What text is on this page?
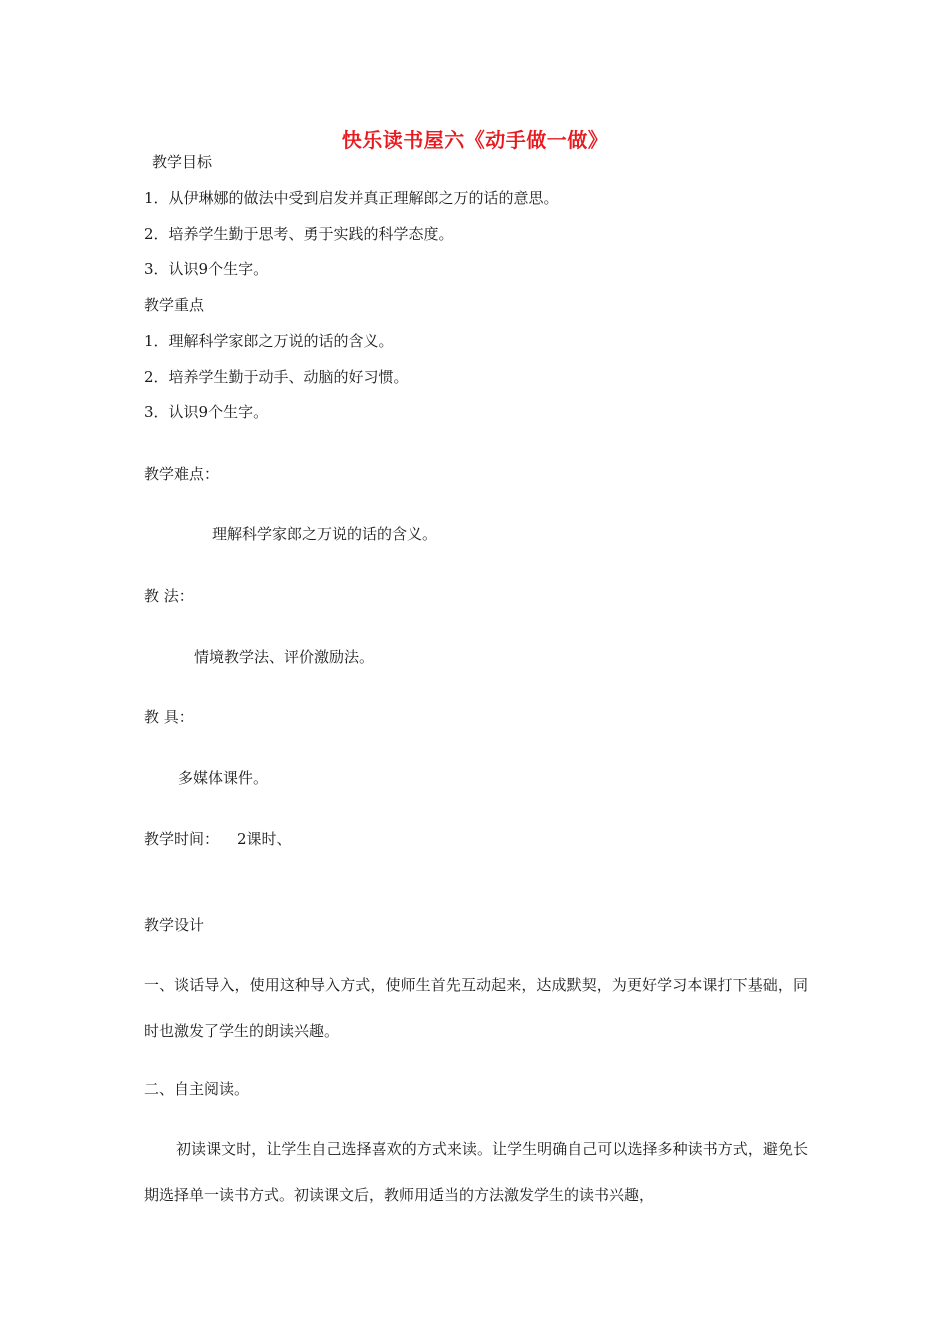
快乐读书屋六《动手做一做》
教学目标
1．从伊琳娜的做法中受到启发并真正理解郎之万的话的意思。
2．培养学生勤于思考、勇于实践的科学态度。
3．认识9个生字。
教学重点
1．理解科学家郎之万说的话的含义。
2．培养学生勤于动手、动脑的好习惯。
3．认识9个生字。
教学难点：
理解科学家郎之万说的话的含义。
教 法：
情境教学法、评价激励法。
教 具：
多媒体课件。
教学时间： 2课时、
教学设计
一、谈话导入，使用这种导入方式，使师生首先互动起来，达成默契，为更好学习本课打下基础，同时也激发了学生的朗读兴趣。
二、自主阅读。
初读课文时，让学生自己选择喜欢的方式来读。让学生明确自己可以选择多种读书方式，避免长期选择单一读书方式。初读课文后，教师用适当的方法激发学生的读书兴趣，
